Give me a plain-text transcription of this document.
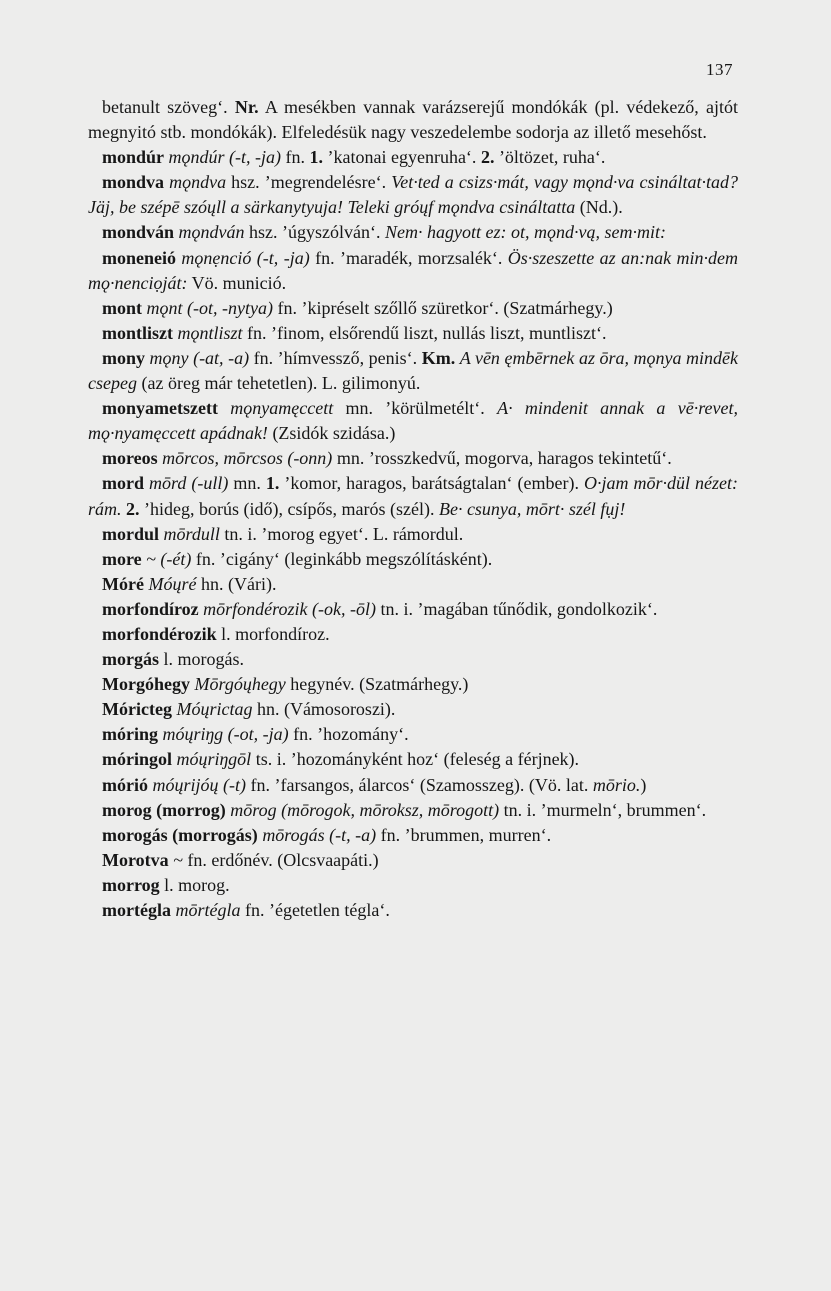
137

betanult szöveg‘. Nr. A mesékben vannak varázserejű mondókák (pl. védekező, ajtót megnyitó stb. mondókák). Elfeledésük nagy veszedelembe sodorja az illető mesehőst.

mondúr mǫndúr (-t, -ja) fn. 1. ’katonai egyenruha‘. 2. ’öltözet, ruha‘.

mondva mǫndva hsz. ’megrendelésre‘. Vet·ted a csizs·mát, vagy mǫnd·va csináltat·tad? Jäj, be szépē szóųll a särkanytyuja! Teleki gróųf mǫndva csináltatta (Nd.).

mondván mǫndván hsz. ’úgyszólván‘. Nem· hagyott ez: ot, mǫnd·vą, sem·mit:

moneneió mǫnẹnció (-t, -ja) fn. ’maradék, morzsalék‘. Ös·szeszette az an:nak min·dem mǫ·nenciọját: Vö. munició.

mont mǫnt (-ot, -nytya) fn. ’kipréselt szőllő szüretkor‘. (Szatmárhegy.)

montliszt mǫntliszt fn. ’finom, elsőrendű liszt, nullás liszt, muntliszt‘.

mony mǫny (-at, -a) fn. ’hímvessző, penis‘. Km. A vēn ęmbērnek az ōra, mǫnya mindēk csepeg (az öreg már tehetetlen). L. gilimonyú.

monyametszett mǫnyamęccett mn. ’körülmetélt‘. A· mindenit annak a vē·revet, mǫ·nyamęccett apádnak! (Zsidók szidása.)

moreos mōrcos, mōrcsos (-onn) mn. ’rosszkedvű, mogorva, haragos tekintetű‘.

mord mōrd (-ull) mn. 1. ’komor, haragos, barátságtalan‘ (ember). O·jam mōr·dül nézet: rám. 2. ’hideg, borús (idő), csípős, marós (szél). Be· csunya, mōrt· szél fụj!

mordul mōrdull tn. i. ’morog egyet‘. L. rámordul.

more ~ (-ét) fn. ’cigány‘ (leginkább megszólításként).

Móré Móųré hn. (Vári).

morfondíroz mōrfondérozik (-ok, -ōl) tn. i. ’magában tűnődik, gondolkozik‘.

morfondérozik l. morfondíroz.

morgás l. morogás.

Morgóhegy Mōrgóųhegy hegynév. (Szatmárhegy.)

Móricteg Móųrictag hn. (Vámosoroszi).

móring móųriŋg (-ot, -ja) fn. ’hozomány‘.

móringol móųriŋgōl ts. i. ’hozományként hoz‘ (feleség a férjnek).

mórió móųrijóų (-t) fn. ’farsangos, álarcos‘ (Szamosszeg). (Vö. lat. mōrio.)

morog (morrog) mōrog (mōrogok, mōroksz, mōrogott) tn. i. ’murmeln‘, brummen‘.

morogás (morrogás) mōrogás (-t, -a) fn. ’brummen, murren‘.

Morotva ~ fn. erdőnév. (Olcsvaapáti.)

morrog l. morog.

mortégla mōrtégla fn. ’égetetlen tégla‘.
